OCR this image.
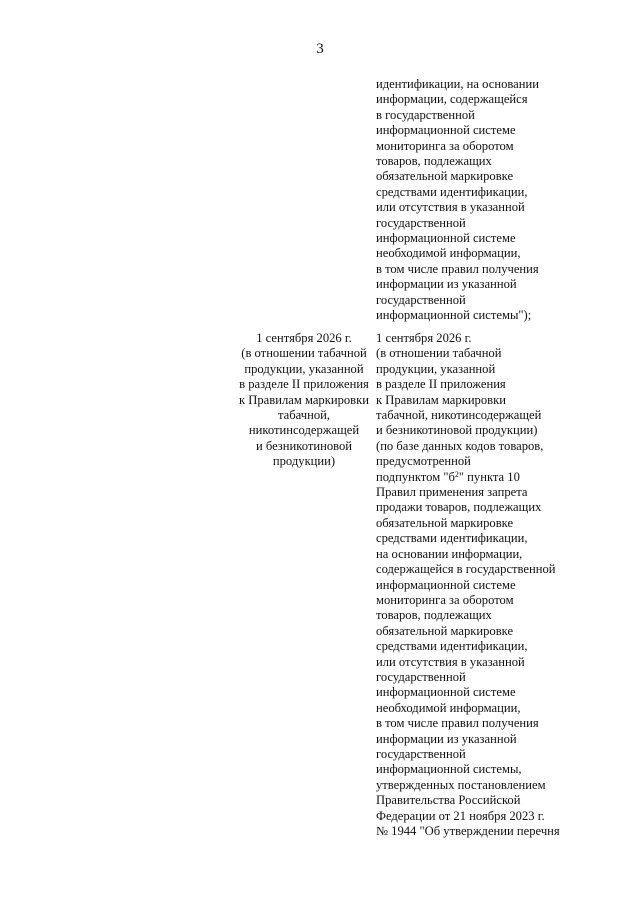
3
идентификации, на основании
информации, содержащейся
в государственной
информационной системе
мониторинга за оборотом
товаров, подлежащих
обязательной маркировке
средствами идентификации,
или отсутствия в указанной
государственной
информационной системе
необходимой информации,
в том числе правил получения
информации из указанной
государственной
информационной системы");
1 сентября 2026 г.
(в отношении табачной
продукции, указанной
в разделе II приложения
к Правилам маркировки
табачной,
никотинсодержащей
и безникотиновой
продукции)
1 сентября 2026 г.
(в отношении табачной
продукции, указанной
в разделе II приложения
к Правилам маркировки
табачной, никотинсодержащей
и безникотиновой продукции)
(по базе данных кодов товаров,
предусмотренной
подпунктом "$б^2$" пункта 10
Правил применения запрета
продажи товаров, подлежащих
обязательной маркировке
средствами идентификации,
на основании информации,
содержащейся в государственной
информационной системе
мониторинга за оборотом
товаров, подлежащих
обязательной маркировке
средствами идентификации,
или отсутствия в указанной
государственной
информационной системе
необходимой информации,
в том числе правил получения
информации из указанной
государственной
информационной системы,
утвержденных постановлением
Правительства Российской
Федерации от 21 ноября 2023 г.
№ 1944 "Об утверждении перечня
